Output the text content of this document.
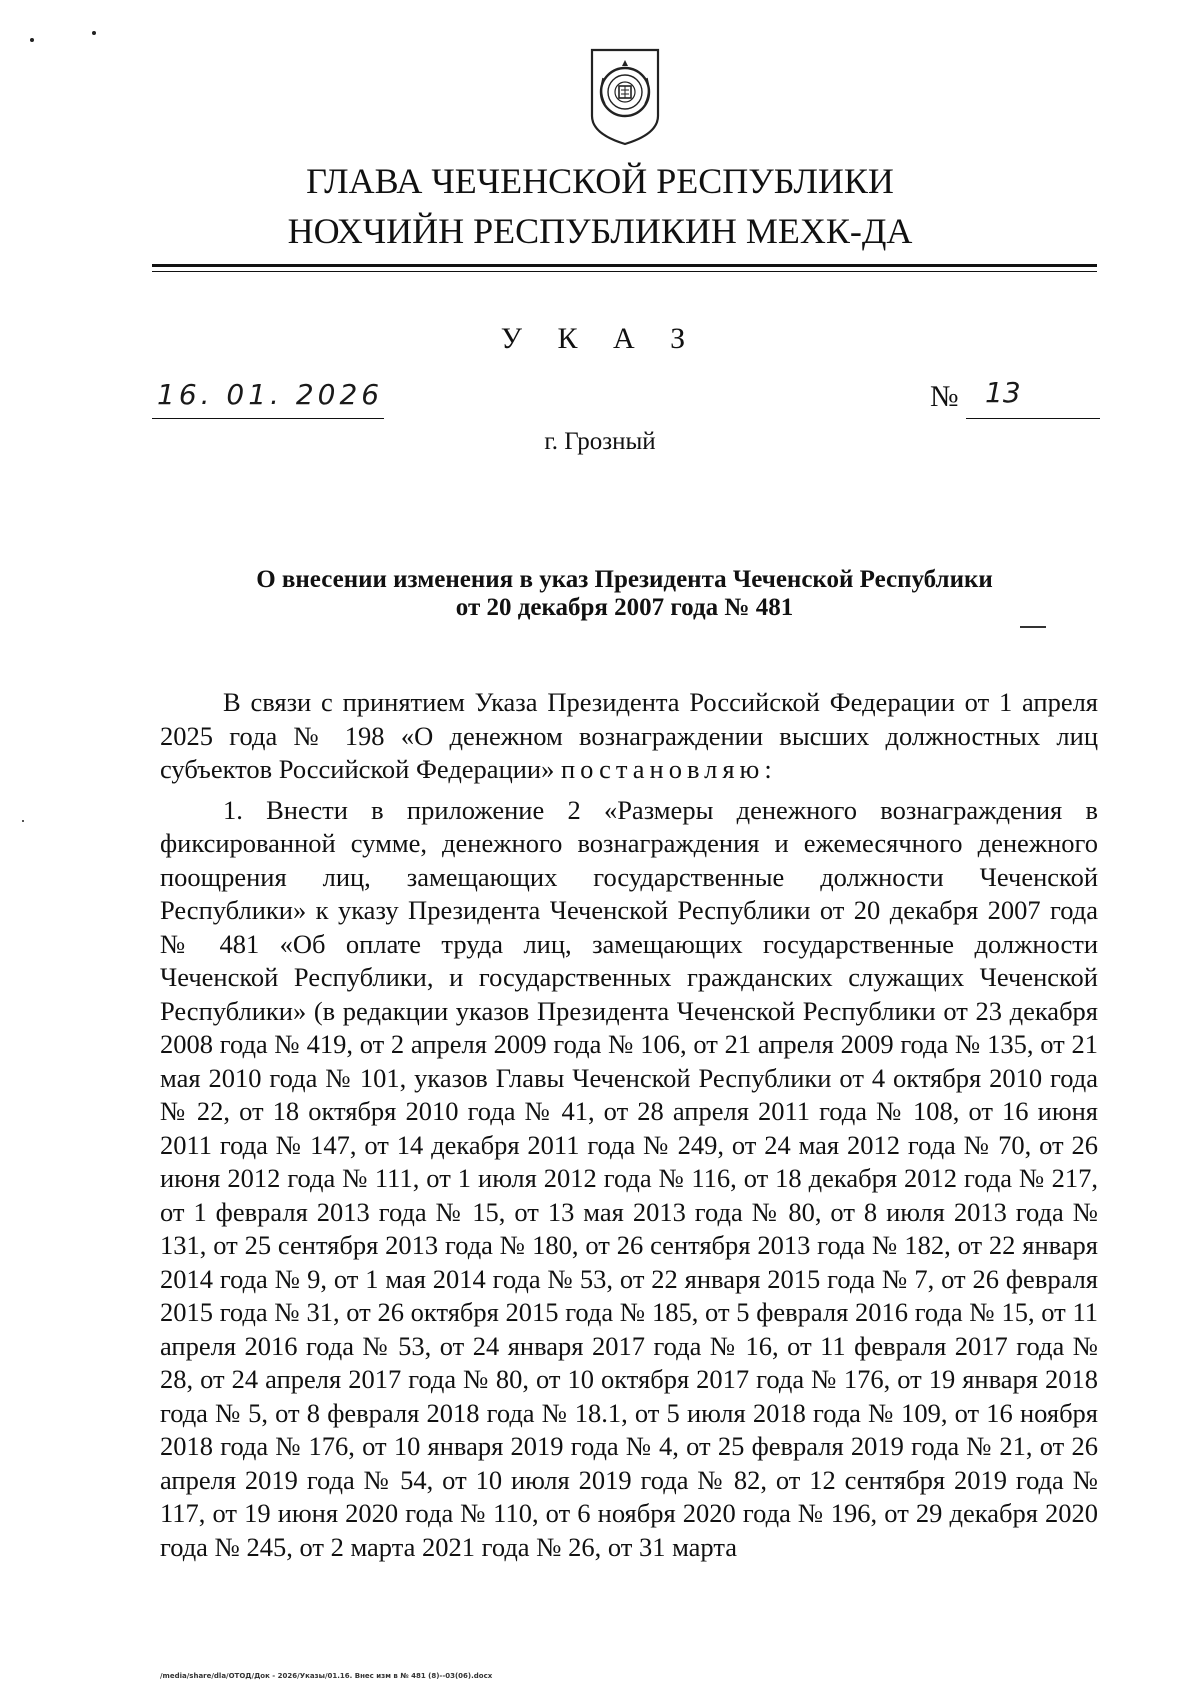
ГЛАВА ЧЕЧЕНСКОЙ РЕСПУБЛИКИ
НОХЧИЙН РЕСПУБЛИКИН МЕХК-ДА
У К А З
16. 01. 2026	№ 13
г. Грозный
О внесении изменения в указ Президента Чеченской Республики
от 20 декабря 2007 года № 481

В связи с принятием Указа Президента Российской Федерации от 1 апреля 2025 года № 198 «О денежном вознаграждении высших должностных лиц субъектов Российской Федерации» постановляю:

1. Внести в приложение 2 «Размеры денежного вознаграждения в фиксированной сумме, денежного вознаграждения и ежемесячного денежного поощрения лиц, замещающих государственные должности Чеченской Республики» к указу Президента Чеченской Республики от 20 декабря 2007 года № 481 «Об оплате труда лиц, замещающих государственные должности Чеченской Республики, и государственных гражданских служащих Чеченской Республики» (в редакции указов Президента Чеченской Республики от 23 декабря 2008 года № 419, от 2 апреля 2009 года № 106, от 21 апреля 2009 года № 135, от 21 мая 2010 года № 101, указов Главы Чеченской Республики от 4 октября 2010 года № 22, от 18 октября 2010 года № 41, от 28 апреля 2011 года № 108, от 16 июня 2011 года № 147, от 14 декабря 2011 года № 249, от 24 мая 2012 года № 70, от 26 июня 2012 года № 111, от 1 июля 2012 года № 116, от 18 декабря 2012 года № 217, от 1 февраля 2013 года № 15, от 13 мая 2013 года № 80, от 8 июля 2013 года № 131, от 25 сентября 2013 года № 180, от 26 сентября 2013 года № 182, от 22 января 2014 года № 9, от 1 мая 2014 года № 53, от 22 января 2015 года № 7, от 26 февраля 2015 года № 31, от 26 октября 2015 года № 185, от 5 февраля 2016 года № 15, от 11 апреля 2016 года № 53, от 24 января 2017 года № 16, от 11 февраля 2017 года № 28, от 24 апреля 2017 года № 80, от 10 октября 2017 года № 176, от 19 января 2018 года № 5, от 8 февраля 2018 года № 18.1, от 5 июля 2018 года № 109, от 16 ноября 2018 года № 176, от 10 января 2019 года № 4, от 25 февраля 2019 года № 21, от 26 апреля 2019 года № 54, от 10 июля 2019 года № 82, от 12 сентября 2019 года № 117, от 19 июня 2020 года № 110, от 6 ноября 2020 года № 196, от 29 декабря 2020 года № 245, от 2 марта 2021 года № 26, от 31 марта

/media/share/dla/ОТОД/Док - 2026/Указы/01.16. Внес изм в № 481 (8)--03(06).docx
